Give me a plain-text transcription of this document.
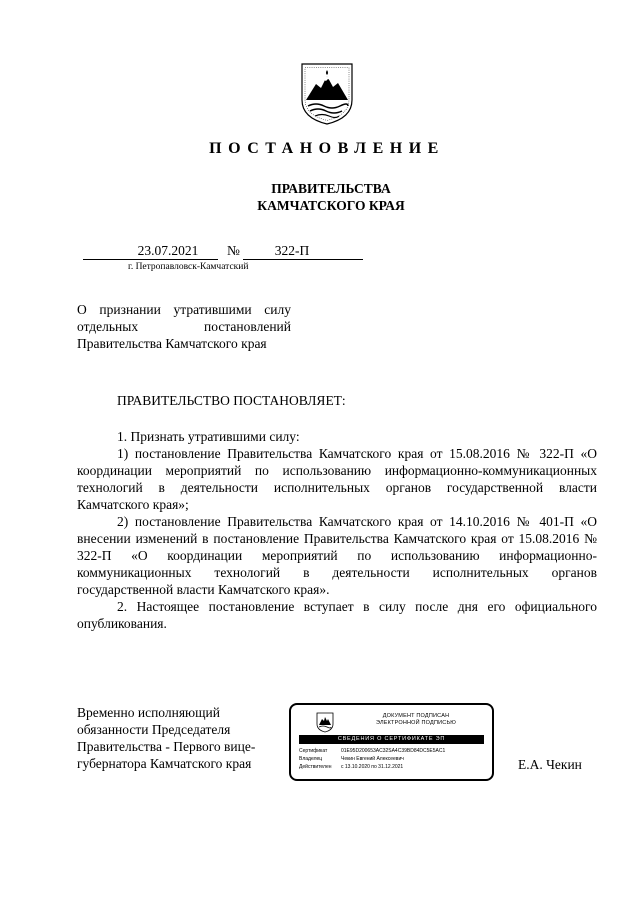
ПОСТАНОВЛЕНИЕ
ПРАВИТЕЛЬСТВА
КАМЧАТСКОГО КРАЯ
23.07.2021	№	322-П
г. Петропавловск-Камчатский

О признании утратившими силу

отдельных постановлений

Правительства Камчатского края

ПРАВИТЕЛЬСТВО ПОСТАНОВЛЯЕТ:

1. Признать утратившими силу:

1) постановление Правительства Камчатского края от 15.08.2016 № 322-П «О координации мероприятий по использованию информационно-коммуникационных технологий в деятельности исполнительных органов государственной власти Камчатского края»;

2) постановление Правительства Камчатского края от 14.10.2016 № 401-П «О внесении изменений в постановление Правительства Камчатского края от 15.08.2016 № 322-П «О координации мероприятий по использованию информационно-коммуникационных технологий в деятельности исполнительных органов государственной власти Камчатского края».

2. Настоящее постановление вступает в силу после дня его официального опубликования.

Временно исполняющий
обязанности Председателя
Правительства - Первого вице-
губернатора Камчатского края
ДОКУМЕНТ ПОДПИСАН
ЭЛЕКТРОННОЙ ПОДПИСЬЮ
СВЕДЕНИЯ О СЕРТИФИКАТЕ ЭП
Сертификат	01E95D200653AC32SA4C39BD84DC5E5AC1
Владелец	Чекин Евгений Алексеевич
Действителен с 13.10.2020 по 31.12.2021	Е.А. Чекин
